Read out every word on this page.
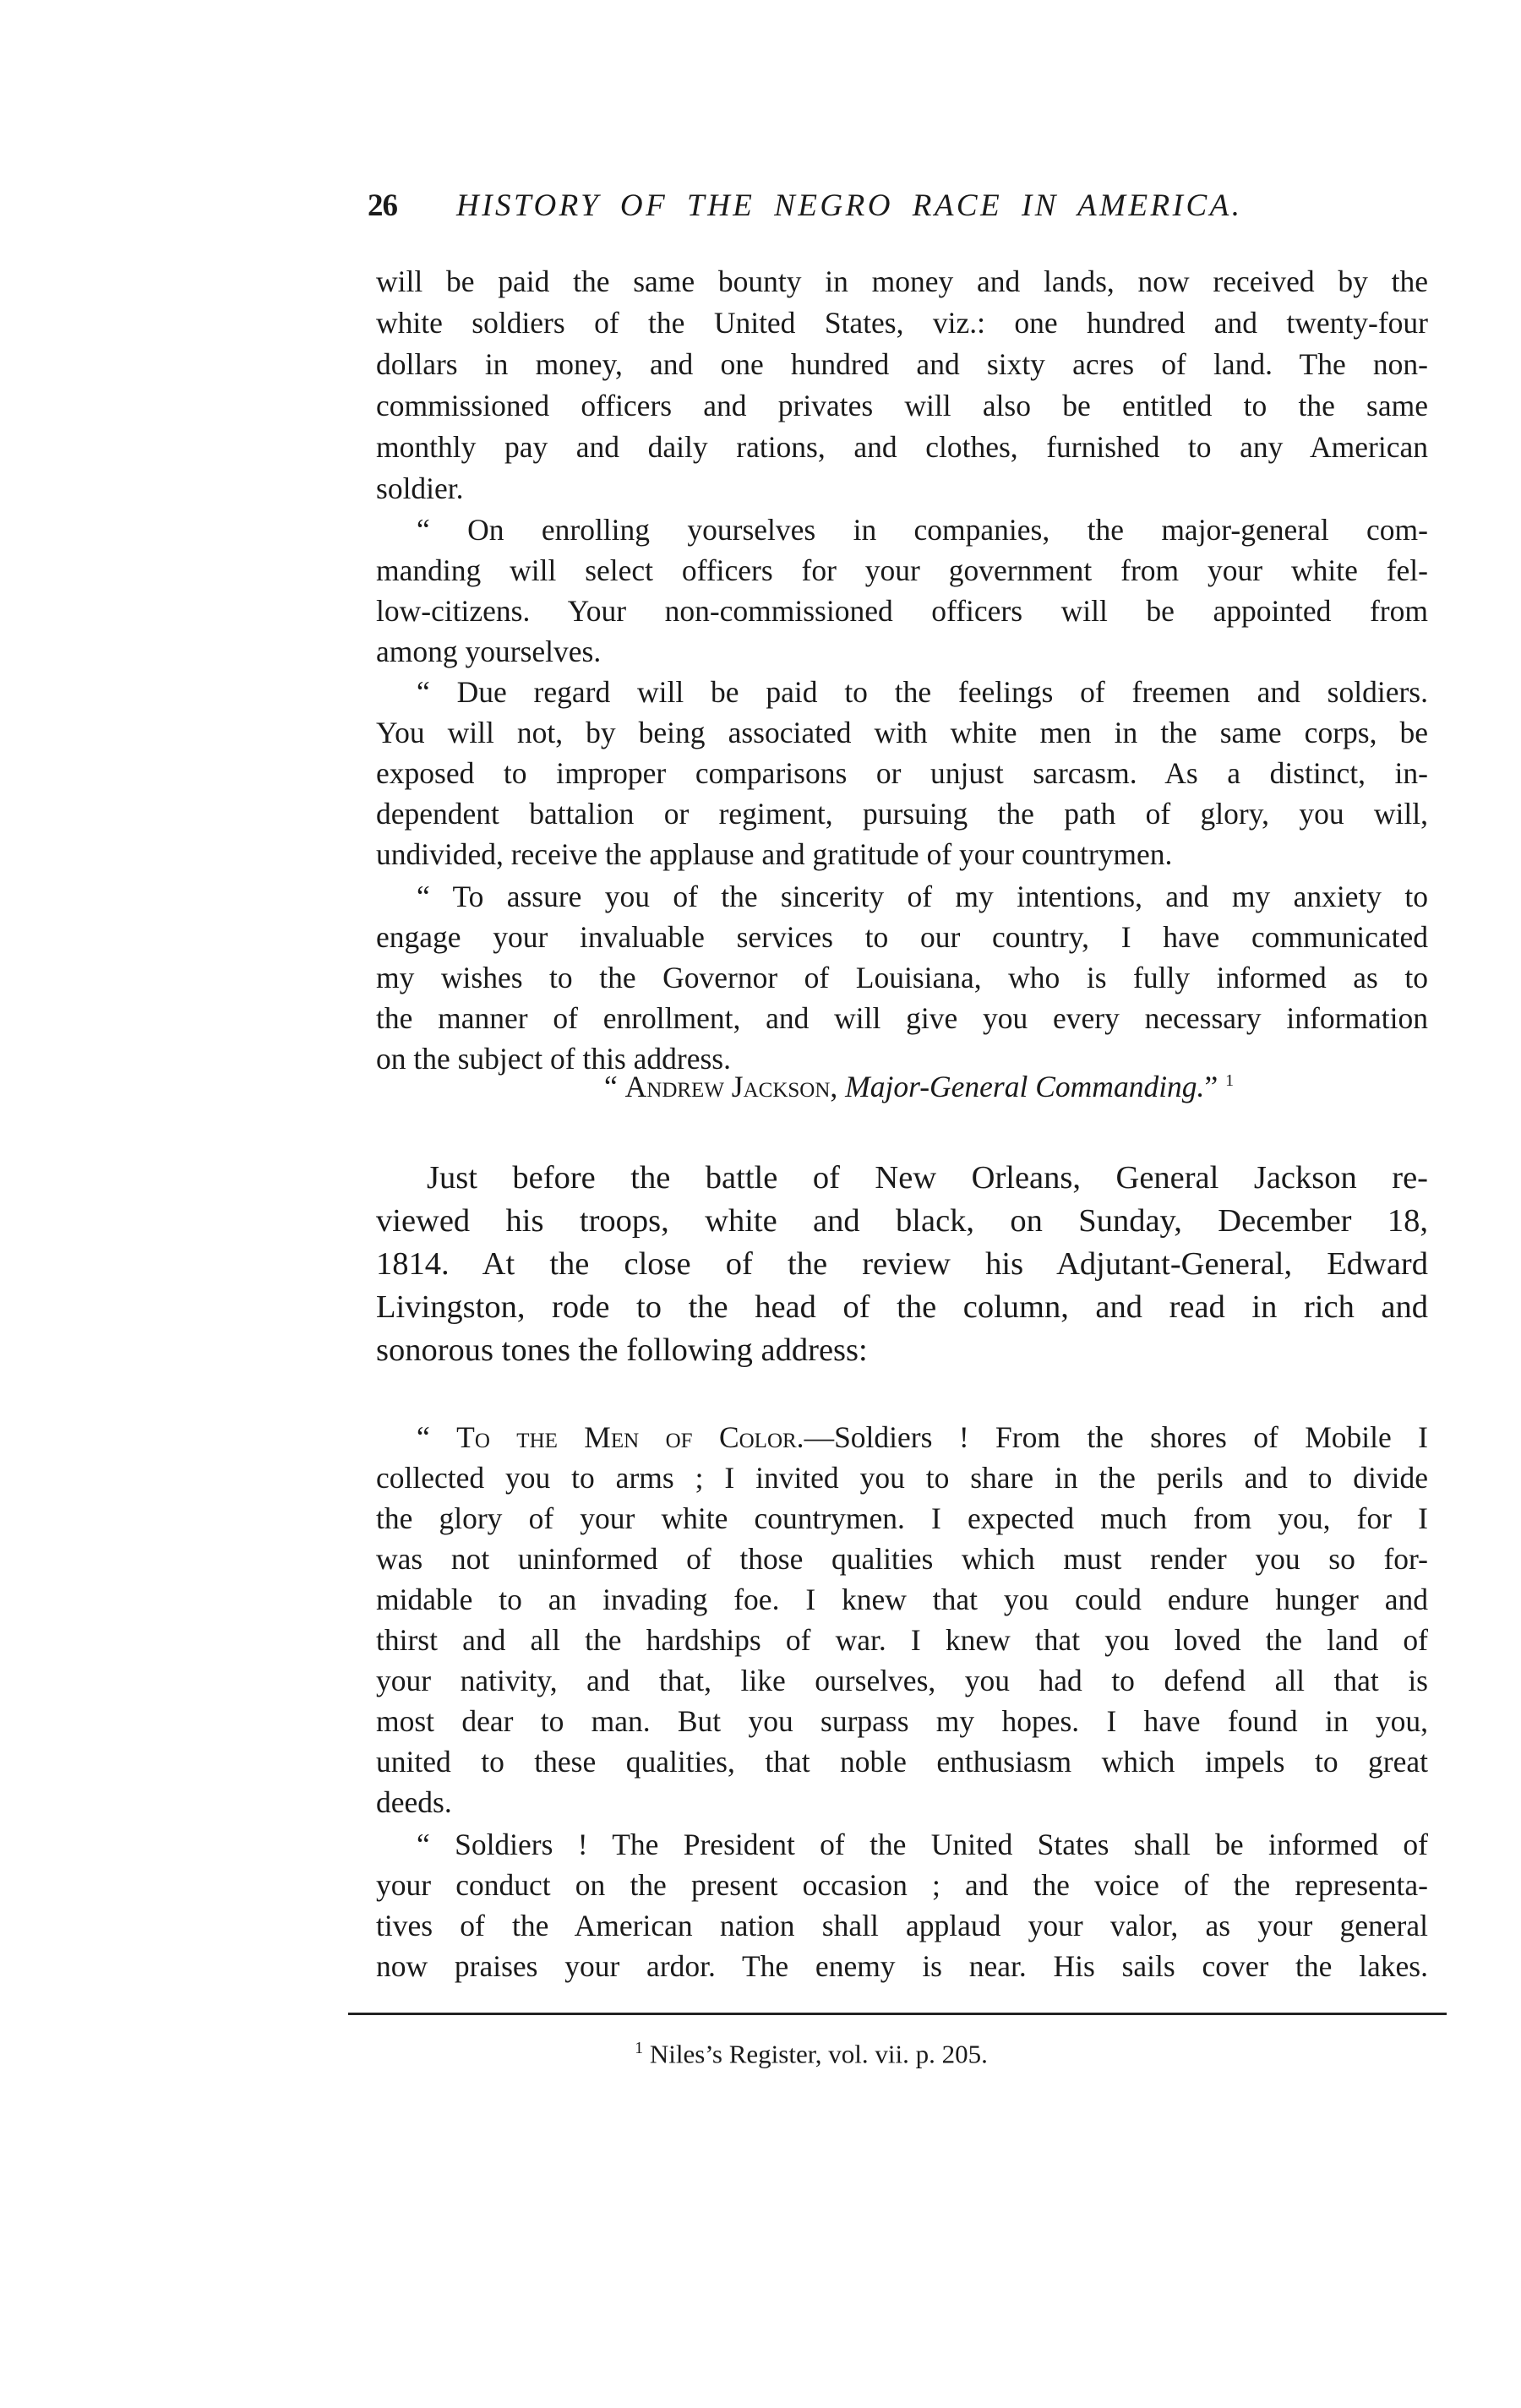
26 HISTORY OF THE NEGRO RACE IN AMERICA.
will be paid the same bounty in money and lands, now received by the
white soldiers of the United States, viz.: one hundred and twenty-four
dollars in money, and one hundred and sixty acres of land. The non-
commissioned officers and privates will also be entitled to the same
monthly pay and daily rations, and clothes, furnished to any American
soldier.
“ On enrolling yourselves in companies, the major-general com-
manding will select officers for your government from your white fel-
low-citizens. Your non-commissioned officers will be appointed from
among yourselves.
“ Due regard will be paid to the feelings of freemen and soldiers.
You will not, by being associated with white men in the same corps, be
exposed to improper comparisons or unjust sarcasm. As a distinct, in-
dependent battalion or regiment, pursuing the path of glory, you will,
undivided, receive the applause and gratitude of your countrymen.
“ To assure you of the sincerity of my intentions, and my anxiety to
engage your invaluable services to our country, I have communicated
my wishes to the Governor of Louisiana, who is fully informed as to
the manner of enrollment, and will give you every necessary information
on the subject of this address.
“ Andrew Jackson, Major-General Commanding.” $^1$
Just before the battle of New Orleans, General Jackson re-
viewed his troops, white and black, on Sunday, December 18,
1814. At the close of the review his Adjutant-General, Edward
Livingston, rode to the head of the column, and read in rich and
sonorous tones the following address:
“ To the Men of Color.—Soldiers ! From the shores of Mobile I
collected you to arms ; I invited you to share in the perils and to divide
the glory of your white countrymen. I expected much from you, for I
was not uninformed of those qualities which must render you so for-
midable to an invading foe. I knew that you could endure hunger and
thirst and all the hardships of war. I knew that you loved the land of
your nativity, and that, like ourselves, you had to defend all that is
most dear to man. But you surpass my hopes. I have found in you,
united to these qualities, that noble enthusiasm which impels to great
deeds.
“ Soldiers ! The President of the United States shall be informed of
your conduct on the present occasion ; and the voice of the representa-
tives of the American nation shall applaud your valor, as your general
now praises your ardor. The enemy is near. His sails cover the lakes.
$^1$ Niles’s Register, vol. vii. p. 205.
